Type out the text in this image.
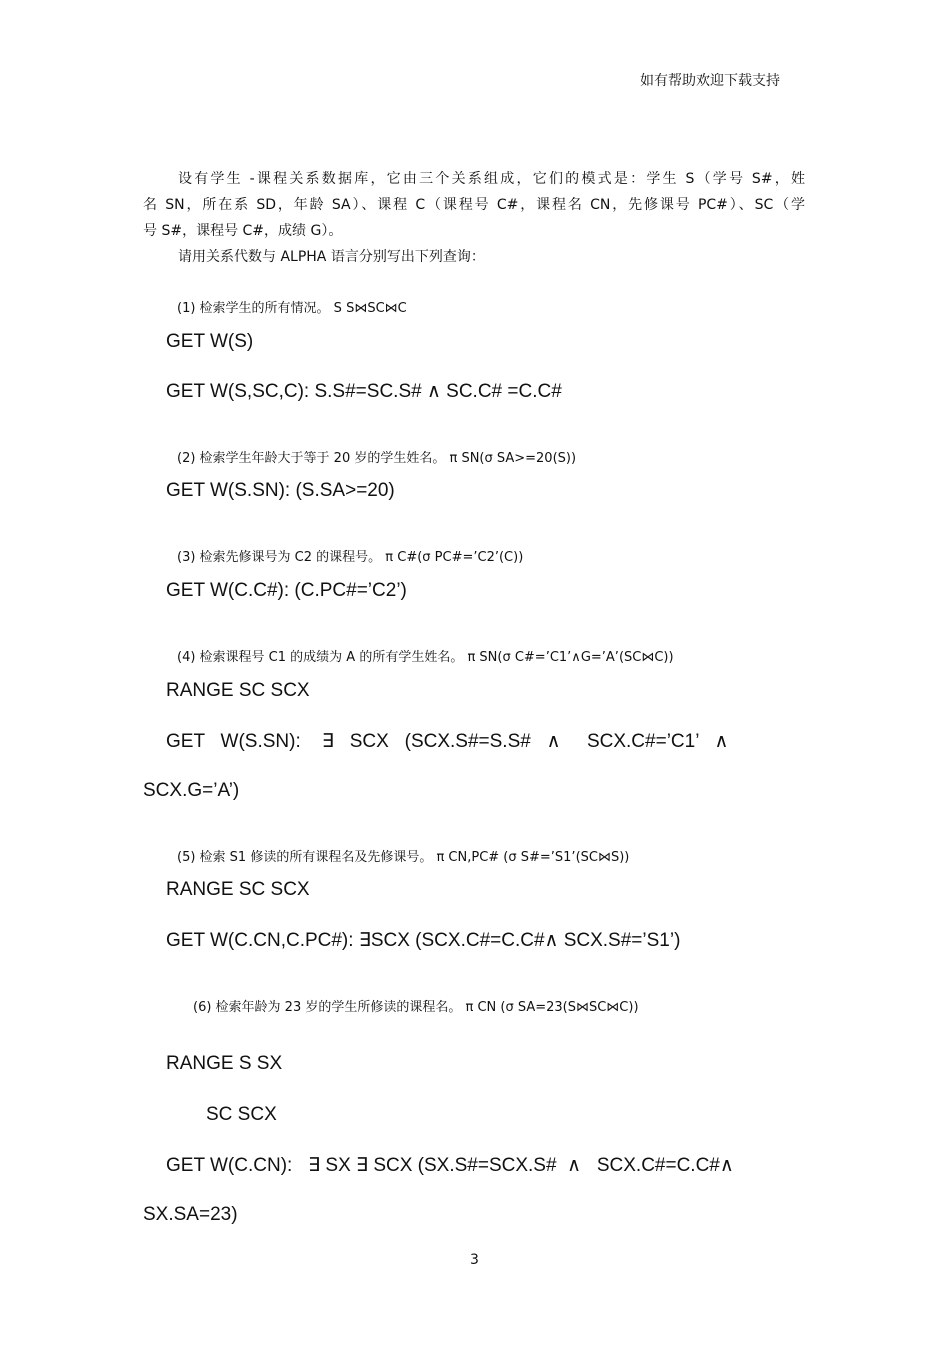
如有帮助欢迎下载支持

设有学生 -课程关系数据库，它由三个关系组成，它们的模式是：学生 S（学号 S#，姓

名 SN，所在系 SD，年龄 SA）、课程 C（课程号 C#，课程名 CN，先修课号 PC#）、SC（学

号 S#，课程号 C#，成绩 G）。

请用关系代数与 ALPHA 语言分别写出下列查询：

(1) 检索学生的所有情况。 S S⋈SC⋈C
GET W(S)
GET W(S,SC,C): S.S#=SC.S# ∧ SC.C# =C.C#
(2) 检索学生年龄大于等于 20 岁的学生姓名。 π SN(σ SA>=20(S))
GET W(S.SN): (S.SA>=20)
(3) 检索先修课号为 C2 的课程号。 π C#(σ PC#=’C2’(C))
GET W(C.C#): (C.PC#=’C2’)
(4) 检索课程号 C1 的成绩为 A 的所有学生姓名。 π SN(σ C#=’C1’∧G=’A’(SC⋈C))
RANGE SC SCX
GET   W(S.SN):    ∃   SCX   (SCX.S#=S.S#   ∧     SCX.C#=’C1’   ∧
SCX.G=’A’)
(5) 检索 S1 修读的所有课程名及先修课号。 π CN,PC# (σ S#=’S1’(SC⋈S))
RANGE SC SCX
GET W(C.CN,C.PC#): ∃SCX (SCX.C#=C.C#∧ SCX.S#=’S1’)
(6) 检索年龄为 23 岁的学生所修读的课程名。 π CN (σ SA=23(S⋈SC⋈C))
RANGE S SX
SC SCX
GET W(C.CN):   ∃ SX ∃ SCX (SX.S#=SCX.S#  ∧   SCX.C#=C.C#∧
SX.SA=23)
3
